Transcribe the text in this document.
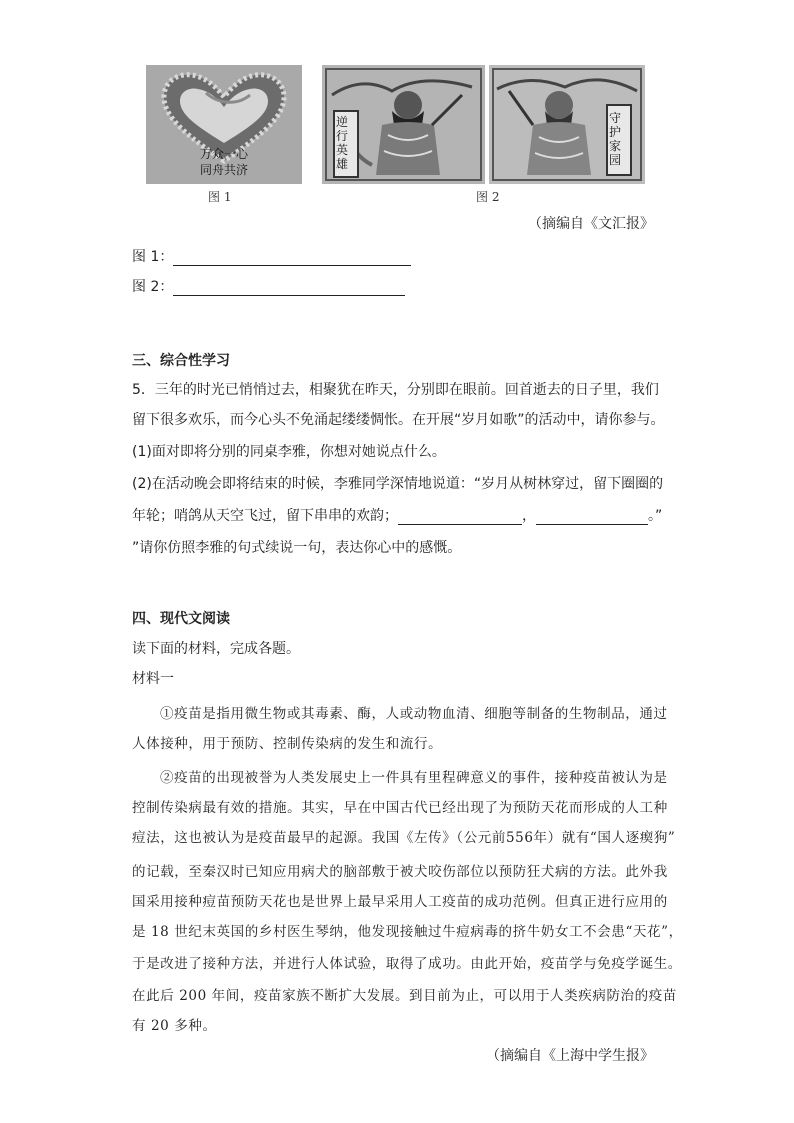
万众一心
同舟共济
图 1
逆行英雄
守护家园
图 2
（摘编自《文汇报》
图 1：
图 2：
三、综合性学习
5．三年的时光已悄悄过去，相聚犹在昨天，分别即在眼前。回首逝去的日子里，我们
留下很多欢乐，而今心头不免涌起缕缕惆怅。在开展“岁月如歌”的活动中，请你参与。
(1)面对即将分别的同桌李雅，你想对她说点什么。
(2)在活动晚会即将结束的时候，李雅同学深情地说道：“岁月从树林穿过，留下圈圈的
年轮；哨鸽从天空飞过，留下串串的欢韵；	，	。”
”请你仿照李雅的句式续说一句，表达你心中的感慨。
四、现代文阅读
读下面的材料，完成各题。
材料一
①疫苗是指用微生物或其毒素、酶，人或动物血清、细胞等制备的生物制品，通过
人体接种，用于预防、控制传染病的发生和流行。
②疫苗的出现被誉为人类发展史上一件具有里程碑意义的事件，接种疫苗被认为是
控制传染病最有效的措施。其实，早在中国古代已经出现了为预防天花而形成的人工种
痘法，这也被认为是疫苗最早的起源。我国《左传》（公元前556年）就有“国人逐瘈狗”
的记载，至秦汉时已知应用病犬的脑部敷于被犬咬伤部位以预防狂犬病的方法。此外我
国采用接种痘苗预防天花也是世界上最早采用人工疫苗的成功范例。但真正进行应用的
是 18 世纪末英国的乡村医生琴纳，他发现接触过牛痘病毒的挤牛奶女工不会患“天花”，
于是改进了接种方法，并进行人体试验，取得了成功。由此开始，疫苗学与免疫学诞生。
在此后 200 年间，疫苗家族不断扩大发展。到目前为止，可以用于人类疾病防治的疫苗
有 20 多种。
（摘编自《上海中学生报》
